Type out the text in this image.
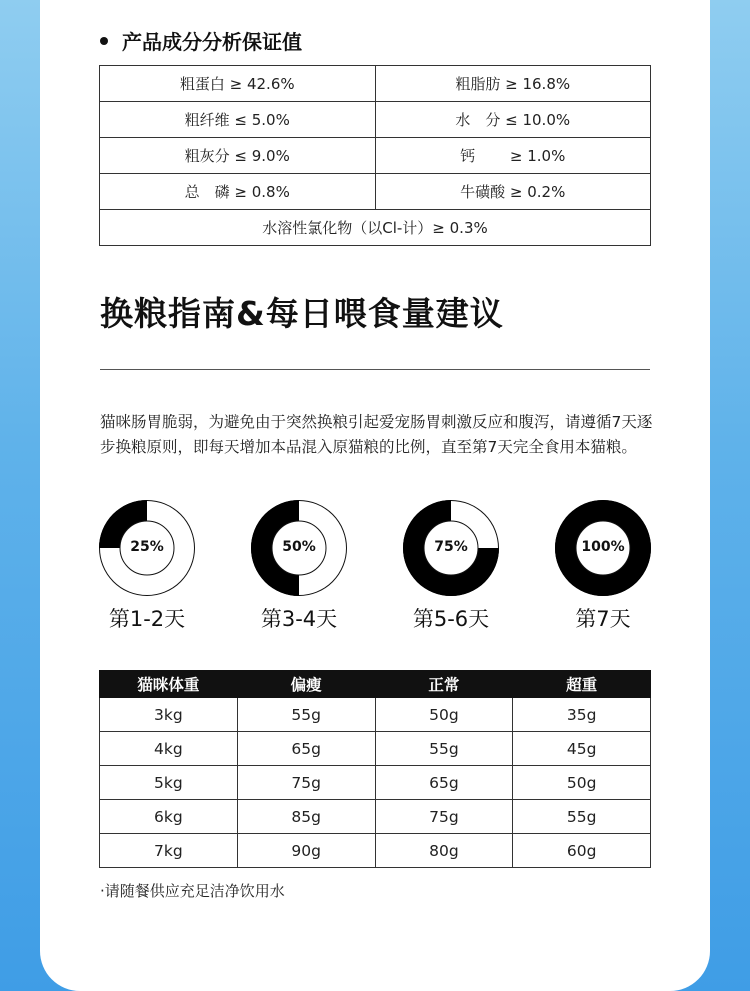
产品成分分析保证值
粗蛋白 ≥ 42.6%	粗脂肪 ≥ 16.8%
粗纤维 ≤ 5.0%	水　分 ≤ 10.0%
粗灰分 ≤ 9.0%	钙　　 ≥ 1.0%
总　磷 ≥ 0.8%	牛磺酸 ≥ 0.2%
水溶性氯化物（以Cl-计）≥ 0.3%	
换粮指南&每日喂食量建议
猫咪肠胃脆弱，为避免由于突然换粮引起爱宠肠胃刺激反应和腹泻，请遵循7天逐步换粮原则，即每天增加本品混入原猫粮的比例，直至第7天完全食用本猫粮。
25%	50%	75%	100%
第1-2天	第3-4天	第5-6天	第7天
猫咪体重	偏瘦	正常	超重
3kg	55g	50g	35g
4kg	65g	55g	45g
5kg	75g	65g	50g
6kg	85g	75g	55g
7kg	90g	80g	60g
·请随餐供应充足洁净饮用水
